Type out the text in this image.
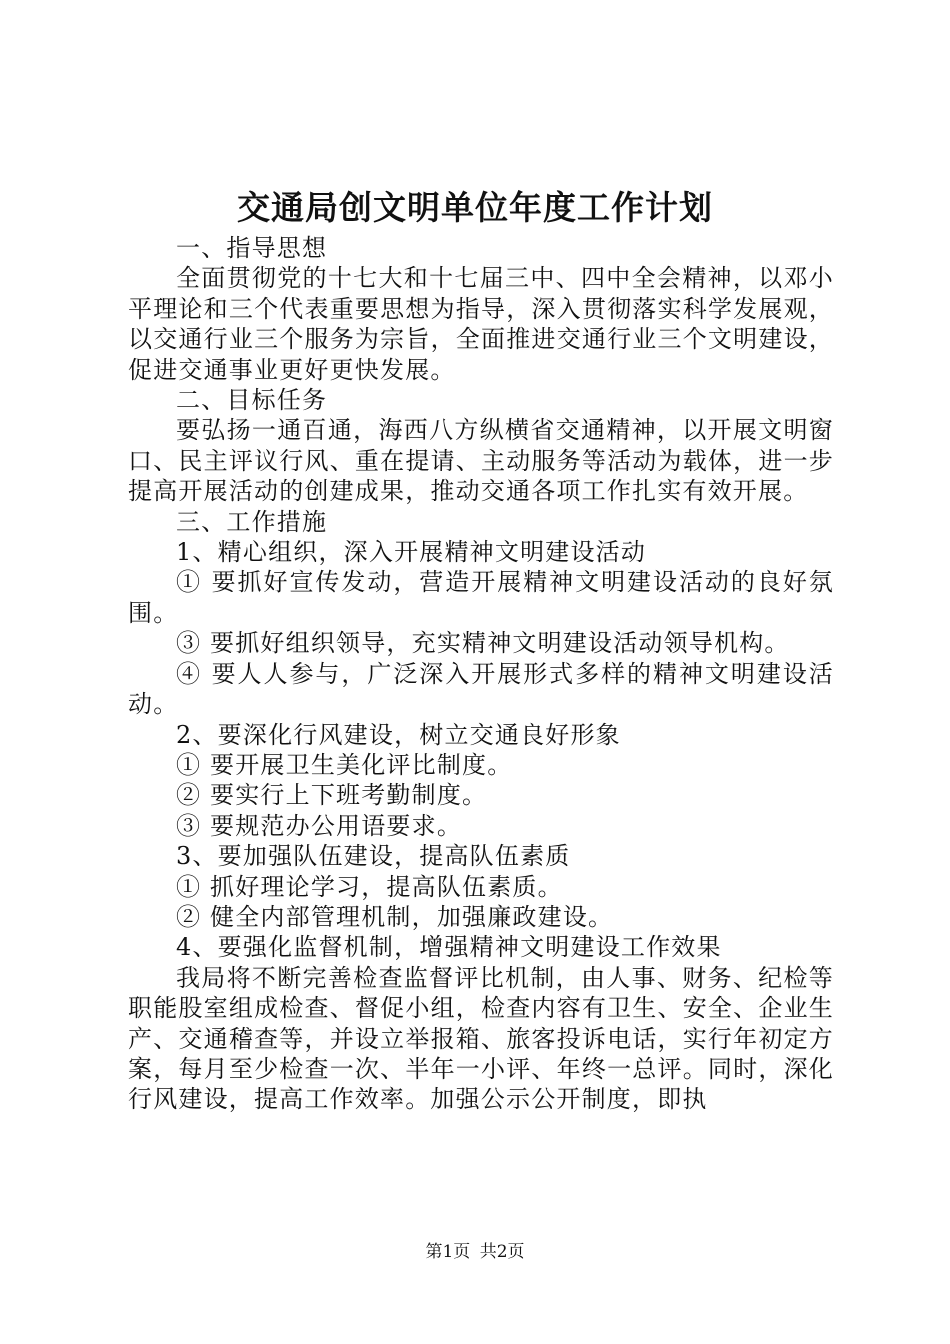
交通局创文明单位年度工作计划

一、指导思想

全面贯彻党的十七大和十七届三中、四中全会精神，以邓小平理论和三个代表重要思想为指导，深入贯彻落实科学发展观，以交通行业三个服务为宗旨，全面推进交通行业三个文明建设，促进交通事业更好更快发展。

二、目标任务

要弘扬一通百通，海西八方纵横省交通精神，以开展文明窗口、民主评议行风、重在提请、主动服务等活动为载体，进一步提高开展活动的创建成果，推动交通各项工作扎实有效开展。

三、工作措施

1、精心组织，深入开展精神文明建设活动

① 要抓好宣传发动，营造开展精神文明建设活动的良好氛围。

③ 要抓好组织领导，充实精神文明建设活动领导机构。

④ 要人人参与，广泛深入开展形式多样的精神文明建设活动。

2、要深化行风建设，树立交通良好形象

① 要开展卫生美化评比制度。

② 要实行上下班考勤制度。

③ 要规范办公用语要求。

3、要加强队伍建设，提高队伍素质

① 抓好理论学习，提高队伍素质。

② 健全内部管理机制，加强廉政建设。

4、要强化监督机制，增强精神文明建设工作效果

我局将不断完善检查监督评比机制，由人事、财务、纪检等职能股室组成检查、督促小组，检查内容有卫生、安全、企业生产、交通稽查等，并设立举报箱、旅客投诉电话，实行年初定方案，每月至少检查一次、半年一小评、年终一总评。同时，深化行风建设，提高工作效率。加强公示公开制度，即执

第1页 共2页
